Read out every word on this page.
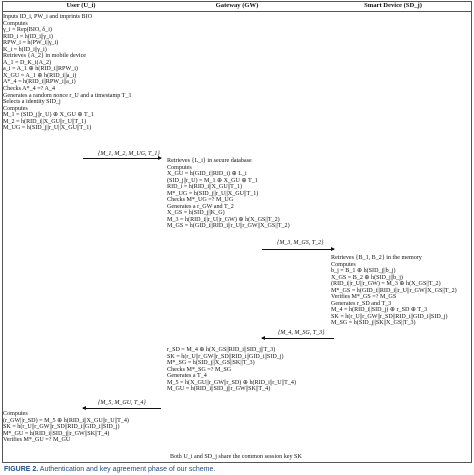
User (U_i)	Gateway (GW)	Smart Device (SD_j)
Inputs ID_i, PW_i and imprints BIO
Computes
γ_i = Rep(BIO, δ_i)
RID_i = h(ID_i||γ_i)
RPW_i = h(PW_i||γ_i)
K_i = h(ID_i||γ_i)
Retrieves {A_2} in mobile device
A_1 = D_K_i(A_2)
a_i = A_1 ⊕ h(RID_i||RPW_i)
X_GU = A_1 ⊕ h(RID_i||a_i)
A*_4 = h(RID_i||RPW_i||a_i)
Checks A*_4 =? A_4
Generates a random nonce r_U and a timestamp T_1
Selects a identity SID_j
Computes
M_1 = (SID_j||r_U) ⊕ X_GU ⊕ T_1
M_2 = h(RID_i||X_GU||r_U||T_1)
M_UG = h(SID_j||r_U||X_GU||T_1)
{M_1, M_2, M_UG, T_1}
Retrieves {L_i} in secure database
Computes
X_GU = h(GID_i||RID_i) ⊕ L_i
(SID_j||r_U) = M_1 ⊕ X_GU ⊕ T_1
RID_i = h(RID_i||X_GU||T_1)
M*_UG = h(SID_j||r_U||X_GU||T_1)
Checks M*_UG =? M_UG
Generates a r_GW and T_2
X_GS = h(SID_j||K_G)
M_3 = h(RID_i||r_U||r_GW) ⊕ h(X_GS||T_2)
M_GS = h(GID_i||RID_i||r_U||r_GW||X_GS||T_2)
{M_3, M_GS, T_2}
Retrieves {B_1, B_2} in the memory
Computes
b_j = B_1 ⊕ h(SID_j||b_j)
X_GS = B_2 ⊕ h(SID_j||b_j)
(RID_i||r_U||r_GW) = M_3 ⊕ h(X_GS||T_2)
M*_GS = h(GID_i||RID_i||r_U||r_GW||X_GS||T_2)
Verifies M*_GS =? M_GS
Generates r_SD and T_3
M_4 = h(RID_i||SID_j) ⊕ r_SD ⊕ T_3
SK = h(r_U||r_GW||r_SD||RID_i||GID_i||SID_j)
M_SG = h(SID_j||SK||X_GS||T_3)
{M_4, M_SG, T_3}
r_SD = M_4 ⊕ h(X_GS||RID_i||SID_j||T_3)
SK = h(r_U||r_GW||r_SD||RID_i||GID_i||SID_j)
M*_SG = h(SID_j||X_GS||SK||T_3)
Checks M*_SG =? M_SG
Generates a T_4
M_5 = h(X_GU||r_GW||r_SD) ⊕ h(RID_i||r_U||T_4)
M_GU = h(RID_i||SID_j||r_GW||SK||T_4)
{M_5, M_GU, T_4}
Computes
(r_GW||r_SD) = M_5 ⊕ h(RID_i||X_GU||r_U||T_4)
SK = h(r_U||r_GW||r_SD||RID_i||GID_i||SID_j)
M*_GU = h(RID_i||SID_j||r_GW||SK||T_4)
Verifies M*_GU =? M_GU
Both U_i and SD_j share the common session key SK
FIGURE 2. Authentication and key agreement phase of our scheme.
